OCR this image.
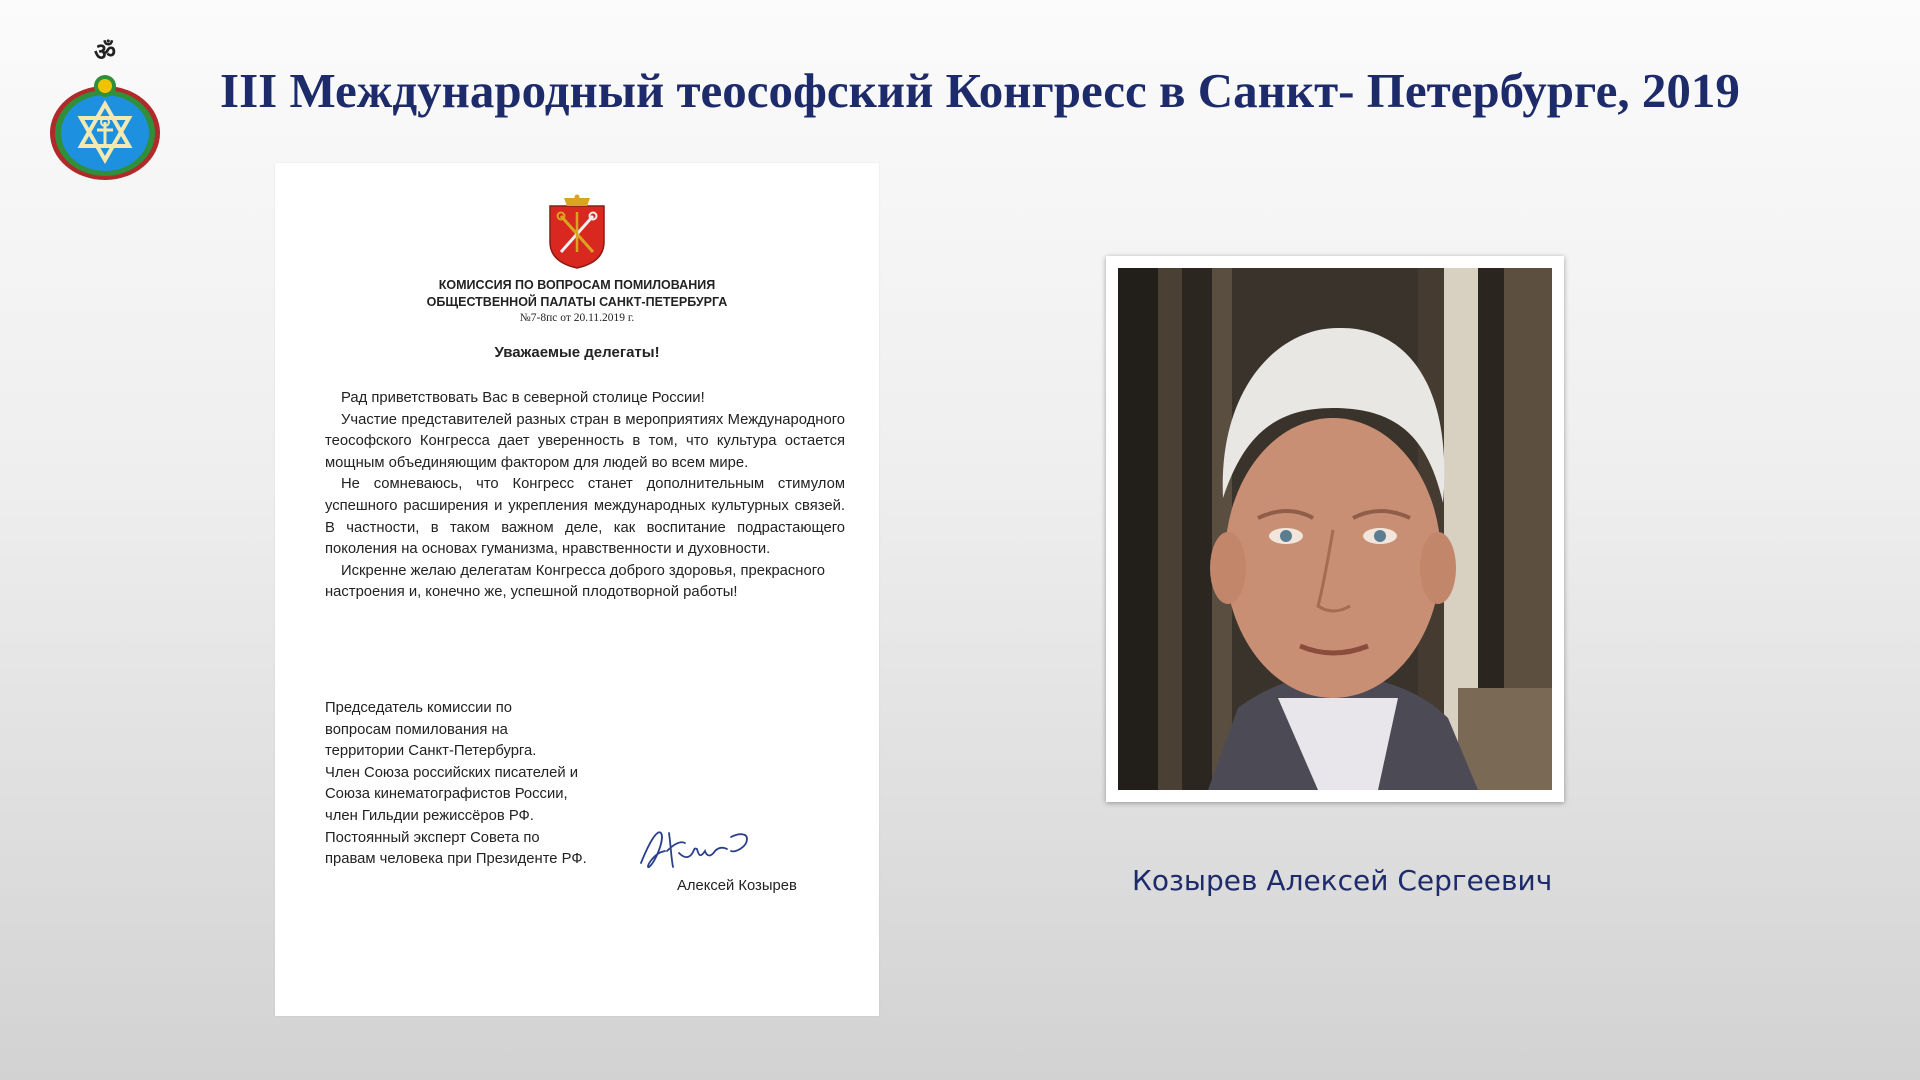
ॐ
III Международный теософский Конгресс в Санкт- Петербурге, 2019
КОМИССИЯ ПО ВОПРОСАМ ПОМИЛОВАНИЯ
ОБЩЕСТВЕННОЙ ПАЛАТЫ САНКТ-ПЕТЕРБУРГА
№7-8пс от 20.11.2019 г.
Уважаемые делегаты!

Рад приветствовать Вас в северной столице России!

Участие представителей разных стран в мероприятиях Международного теософского Конгресса дает уверенность в том, что культура остается мощным объединяющим фактором для людей во всем мире.

Не сомневаюсь, что Конгресс станет дополнительным стимулом успешного расширения и укрепления международных культурных связей. В частности, в таком важном деле, как воспитание подрастающего поколения на основах гуманизма, нравственности и духовности.

Искренне желаю делегатам Конгресса доброго здоровья, прекрасного настроения и, конечно же, успешной плодотворной работы!

Председатель комиссии по
вопросам помилования на
территории Санкт-Петербурга.
Член Союза российских писателей и
Союза кинематографистов России,
член Гильдии режиссёров РФ.
Постоянный эксперт Совета по
правам человека при Президенте РФ.
Алексей Козырев	Козырев Алексей Сергеевич
